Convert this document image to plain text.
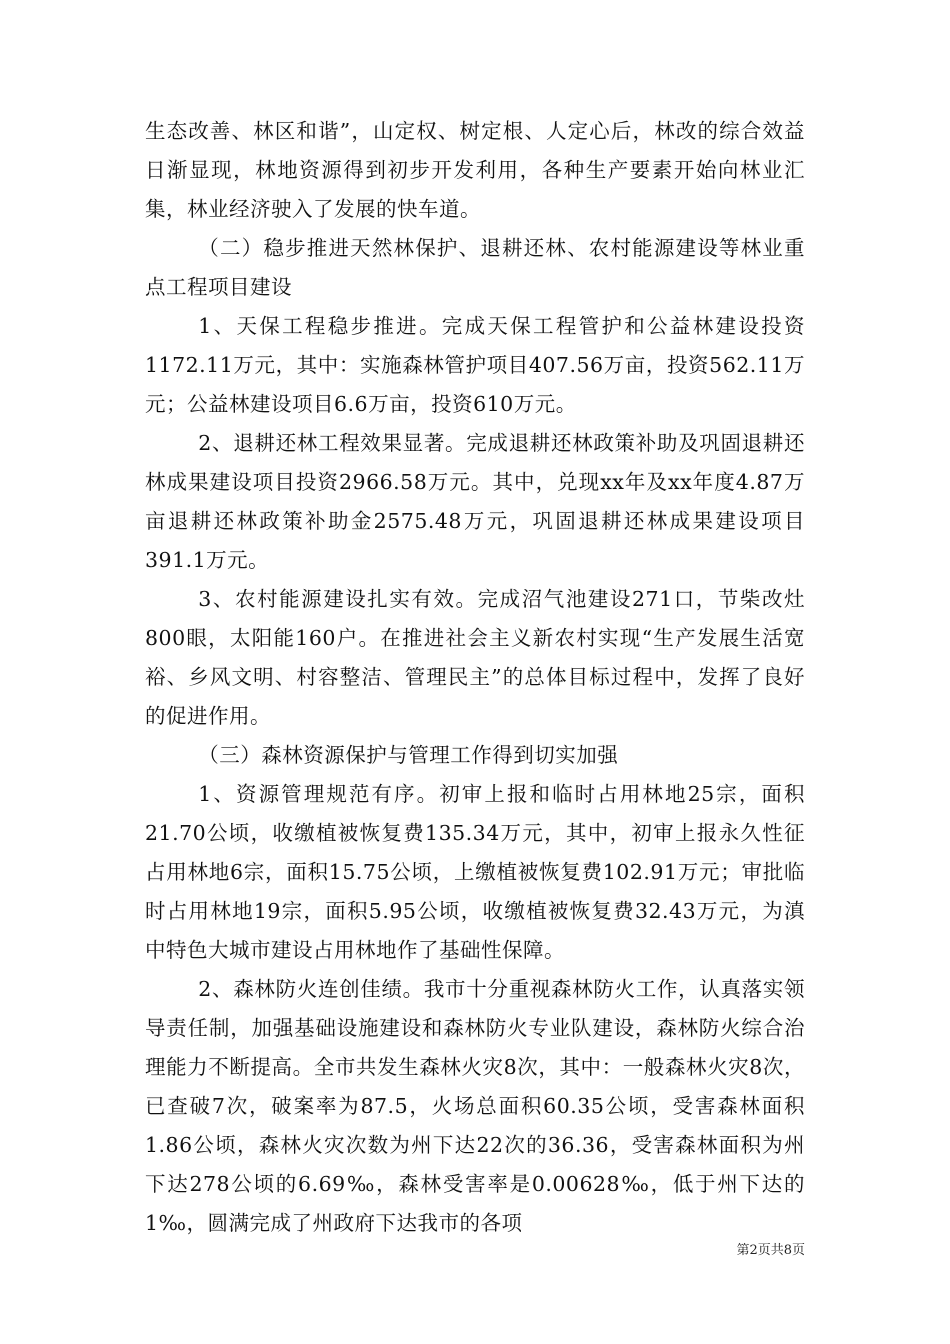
生态改善、林区和谐”，山定权、树定根、人定心后，林改的综合效益日渐显现，林地资源得到初步开发利用，各种生产要素开始向林业汇集，林业经济驶入了发展的快车道。

（二）稳步推进天然林保护、退耕还林、农村能源建设等林业重点工程项目建设

1、天保工程稳步推进。完成天保工程管护和公益林建设投资1172.11万元，其中：实施森林管护项目407.56万亩，投资562.11万元；公益林建设项目6.6万亩，投资610万元。

2、退耕还林工程效果显著。完成退耕还林政策补助及巩固退耕还林成果建设项目投资2966.58万元。其中，兑现xx年及xx年度4.87万亩退耕还林政策补助金2575.48万元，巩固退耕还林成果建设项目391.1万元。

3、农村能源建设扎实有效。完成沼气池建设271口，节柴改灶800眼，太阳能160户。在推进社会主义新农村实现“生产发展生活宽裕、乡风文明、村容整洁、管理民主”的总体目标过程中，发挥了良好的促进作用。

（三）森林资源保护与管理工作得到切实加强

1、资源管理规范有序。初审上报和临时占用林地25宗，面积21.70公顷，收缴植被恢复费135.34万元，其中，初审上报永久性征占用林地6宗，面积15.75公顷，上缴植被恢复费102.91万元；审批临时占用林地19宗，面积5.95公顷，收缴植被恢复费32.43万元，为滇中特色大城市建设占用林地作了基础性保障。

2、森林防火连创佳绩。我市十分重视森林防火工作，认真落实领导责任制，加强基础设施建设和森林防火专业队建设，森林防火综合治理能力不断提高。全市共发生森林火灾8次，其中：一般森林火灾8次，已查破7次，破案率为87.5，火场总面积60.35公顷，受害森林面积1.86公顷，森林火灾次数为州下达22次的36.36，受害森林面积为州下达278公顷的6.69‰，森林受害率是0.00628‰，低于州下达的1‰，圆满完成了州政府下达我市的各项

第2页共8页
